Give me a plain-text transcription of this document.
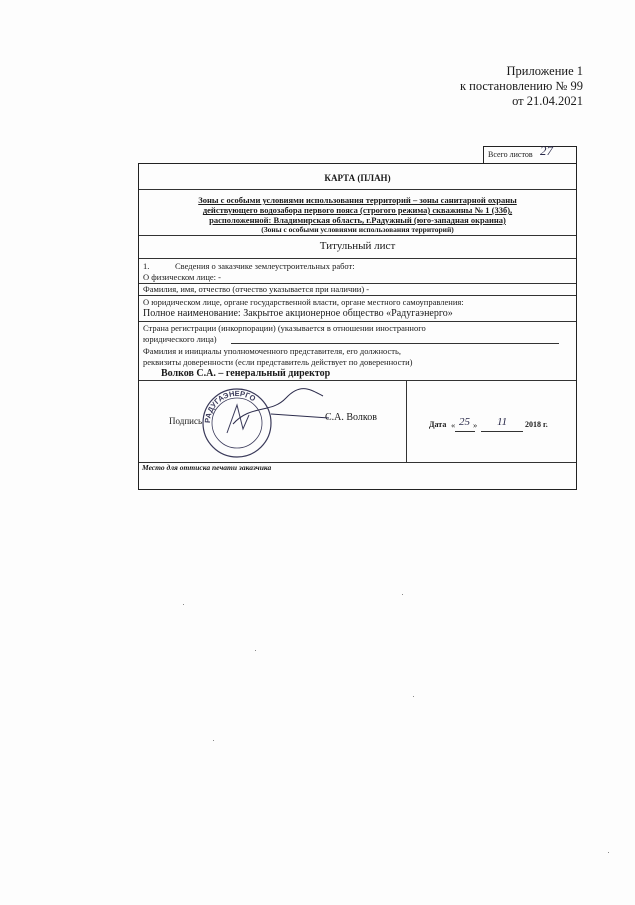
Приложение 1
к постановлению № 99
от 21.04.2021
Всего листов 27
КАРТА (ПЛАН)
Зоны с особыми условиями использования территорий – зоны санитарной охраны
действующего водозабора первого пояса (строгого режима) скважины № 1 (33б),
расположенной: Владимирская область, г.Радужный (юго-западная окраина)
(Зоны с особыми условиями использования территорий)
Титульный лист
1.	Сведения о заказчике землеустроительных работ:
О физическом лице: -
Фамилия, имя, отчество (отчество указывается при наличии) -
О юридическом лице, органе государственной власти, органе местного самоуправления:
Полное наименование: Закрытое акционерное общество «Радугаэнерго»
Страна регистрации (инкорпорации) (указывается в отношении иностранного
юридического лица)
Фамилия и инициалы уполномоченного представителя, его должность,
реквизиты доверенности (если представитель действует по доверенности)
Волков С.А. – генеральный директор
Подпись	С.А. Волков
РАДУГАЭНЕРГО
Дата « 25 » 11 2018 г.
Место для оттиска печати заказчика
